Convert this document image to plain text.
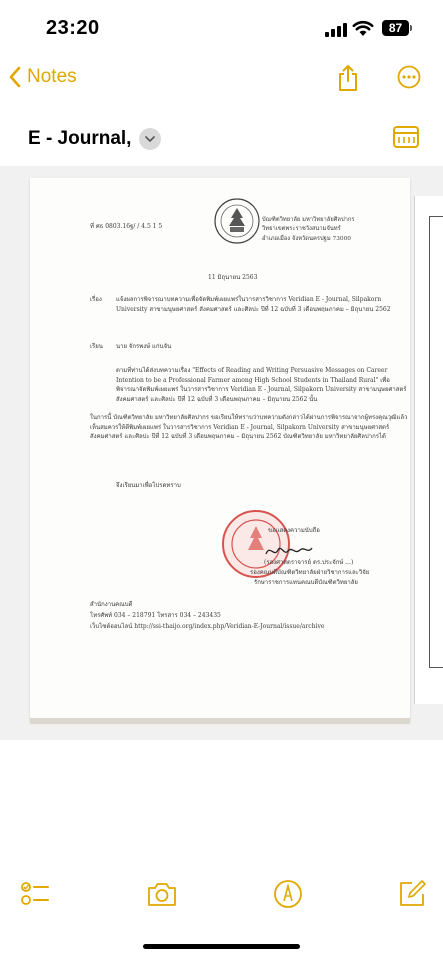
23:20	87
Notes
E - Journal,
ที่ ศธ 0803.16ฐ/ / 4.5 1 5
บัณฑิตวิทยาลัย มหาวิทยาลัยศิลปากร
วิทยาเขตพระราชวังสนามจันทร์
อำเภอเมือง จังหวัดนครปฐม 73000
11 มิถุนายน 2563
เรื่อง แจ้งผลการพิจารณาบทความเพื่อจัดพิมพ์เผยแพร่ในวารสารวิชาการ Veridian E - Journal, Silpakorn University สาขามนุษยศาสตร์ สังคมศาสตร์ และศิลปะ ปีที่ 12 ฉบับที่ 3 เดือนพฤษภาคม – มิถุนายน 2562
เรียน นาย จักรพงษ์ แก่นจัน
ตามที่ท่านได้ส่งบทความเรื่อง "Effects of Reading and Writing Persuasive Messages on Career Intention to be a Professional Farmer among High School Students in Thailand Rural" เพื่อพิจารณาจัดพิมพ์เผยแพร่ ในวารสารวิชาการ Veridian E - Journal, Silpakorn University สาขามนุษยศาสตร์ สังคมศาสตร์ และศิลปะ ปีที่ 12 ฉบับที่ 3 เดือนพฤษภาคม – มิถุนายน 2562 นั้น
ในการนี้ บัณฑิตวิทยาลัย มหาวิทยาลัยศิลปากร ขอเรียนให้ทราบว่าบทความดังกล่าวได้ผ่านการพิจารณาจากผู้ทรงคุณวุฒิแล้ว เห็นสมควรให้ตีพิมพ์เผยแพร่ ในวารสารวิชาการ Veridian E - Journal, Silpakorn University สาขามนุษยศาสตร์ สังคมศาสตร์ และศิลปะ ปีที่ 12 ฉบับที่ 3 เดือนพฤษภาคม – มิถุนายน 2562 บัณฑิตวิทยาลัย มหาวิทยาลัยศิลปากรได้
จึงเรียนมาเพื่อโปรดทราบ
ขอแสดงความนับถือ
(รองศาสตราจารย์ ดร.ประจักษ์ ...)
รองคณบดีบัณฑิตวิทยาลัยฝ่ายวิชาการและวิจัย
รักษาราชการแทนคณบดีบัณฑิตวิทยาลัย
สำนักงานคณบดี
โทรศัพท์ 034 – 218791 โทรสาร 034 – 243435
เว็บไซต์ออนไลน์ http://ssi-thaijo.org/index.php/Veridian-E-Journal/issue/archive
